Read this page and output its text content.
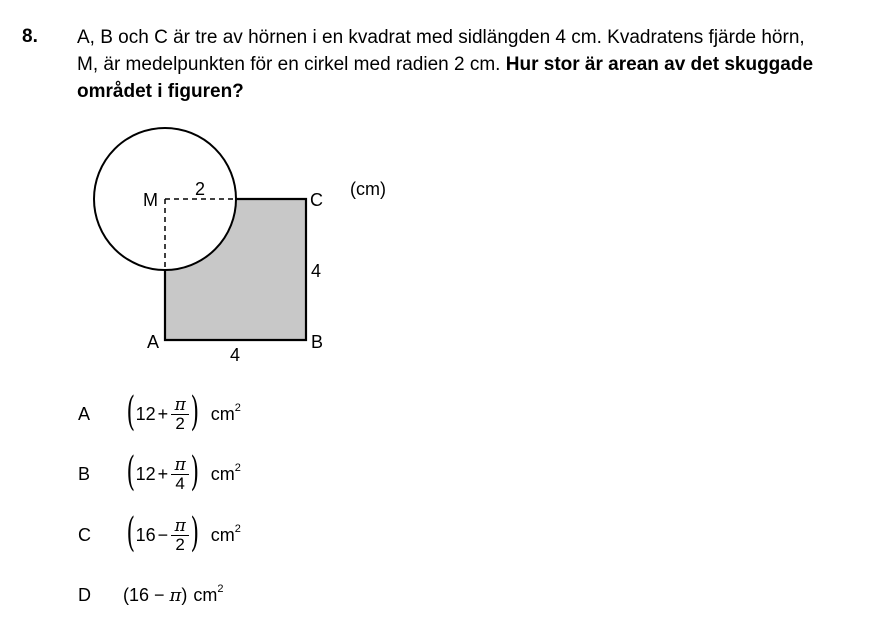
8. A, B och C är tre av hörnen i en kvadrat med sidlängden 4 cm. Kvadratens fjärde hörn,
M, är medelpunkten för en cirkel med radien 2 cm. Hur stor är arean av det skuggade
området i figuren?
M
2
C
(cm)
4
A	B
4
A ( $12 + \frac{\pi}{2}$ ) $cm^2$
B ( $12 + \frac{\pi}{4}$ ) $cm^2$
C ( $16 - \frac{\pi}{2}$ ) $cm^2$
D	(16 − π) $cm^2$
